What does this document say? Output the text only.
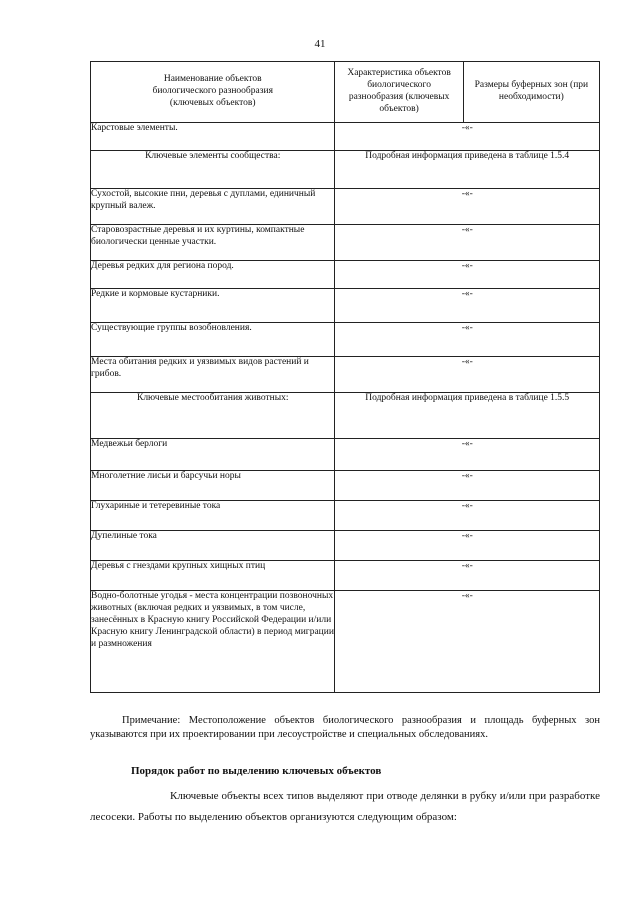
41
Наименование объектов биологического разнообразия (ключевых объектов)	Характеристика объектов биологического разнообразия (ключевых объектов)	Размеры буферных зон (при необходимости)
Карстовые элементы.	-«-	
Ключевые элементы сообщества:	Подробная информация приведена в таблице 1.5.4	
Сухостой, высокие пни, деревья с дуплами, единичный крупный валеж.	-«-	
Старовозрастные деревья и их куртины, компактные биологически ценные участки.	-«-	
Деревья редких для региона пород.	-«-	
Редкие и кормовые кустарники.	-«-	
Существующие группы возобновления.	-«-	
Места обитания редких и уязвимых видов растений и грибов.	-«-	
Ключевые местообитания животных:	Подробная информация приведена в таблице 1.5.5	
Медвежьи берлоги	-«-	
Многолетние лисьи и барсучьи норы	-«-	
Глухариные и тетеревиные тока	-«-	
Дупелиные тока	-«-	
Деревья с гнездами крупных хищных птиц	-«-	
Водно-болотные угодья - места концентрации позвоночных животных (включая редких и уязвимых, в том числе, занесённых в Красную книгу Российской Федерации и/или Красную книгу Ленинградской области) в период миграции и размножения	-«-	

Примечание: Местоположение объектов биологического разнообразия и площадь буферных зон указываются при их проектировании при лесоустройстве и специальных обследованиях.

Порядок работ по выделению ключевых объектов

Ключевые объекты всех типов выделяют при отводе делянки в рубку и/или при разработке лесосеки. Работы по выделению объектов организуются следующим образом:
